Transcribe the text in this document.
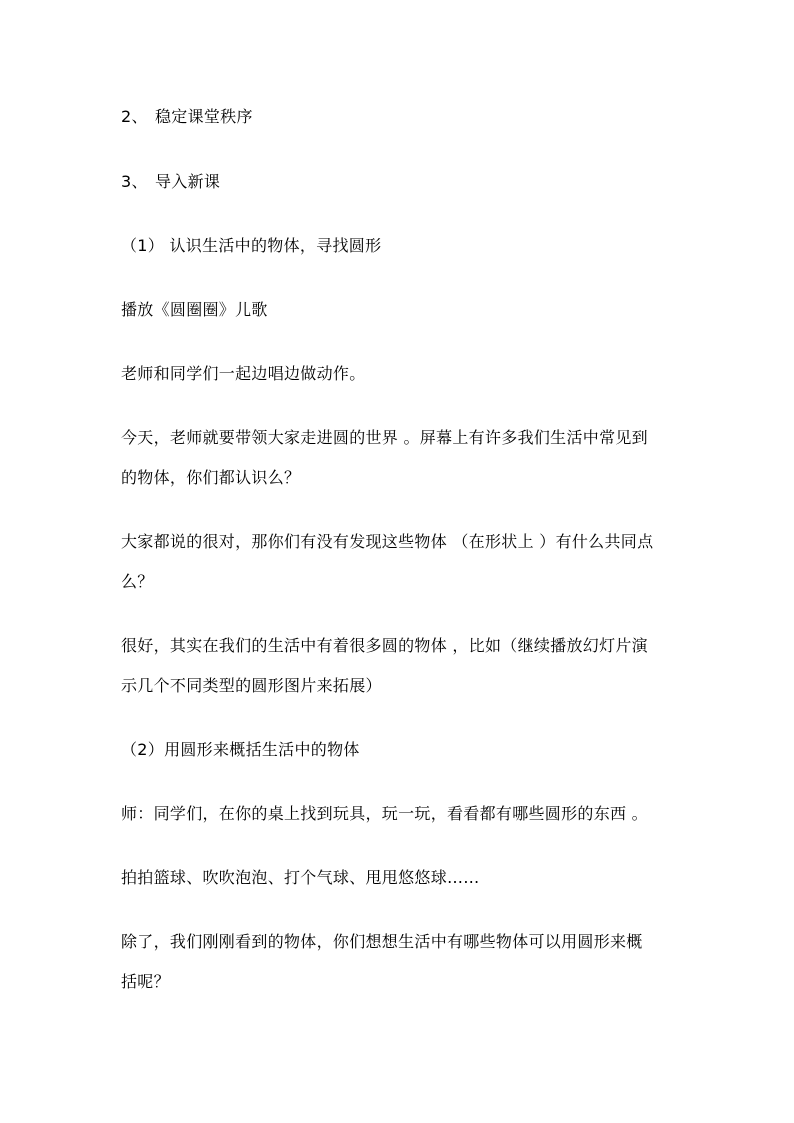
2、 稳定课堂秩序
3、 导入新课
（1） 认识生活中的物体，寻找圆形
播放《圆圈圈》儿歌
老师和同学们一起边唱边做动作。
今天，老师就要带领大家走进圆的世界 。屏幕上有许多我们生活中常见到
的物体，你们都认识么？
大家都说的很对，那你们有没有发现这些物体 （在形状上 ）有什么共同点
么？
很好，其实在我们的生活中有着很多圆的物体 ，比如（继续播放幻灯片演
示几个不同类型的圆形图片来拓展）
（2）用圆形来概括生活中的物体
师：同学们，在你的桌上找到玩具，玩一玩，看看都有哪些圆形的东西 。
拍拍篮球、吹吹泡泡、打个气球、甩甩悠悠球……
除了，我们刚刚看到的物体，你们想想生活中有哪些物体可以用圆形来概
括呢？
